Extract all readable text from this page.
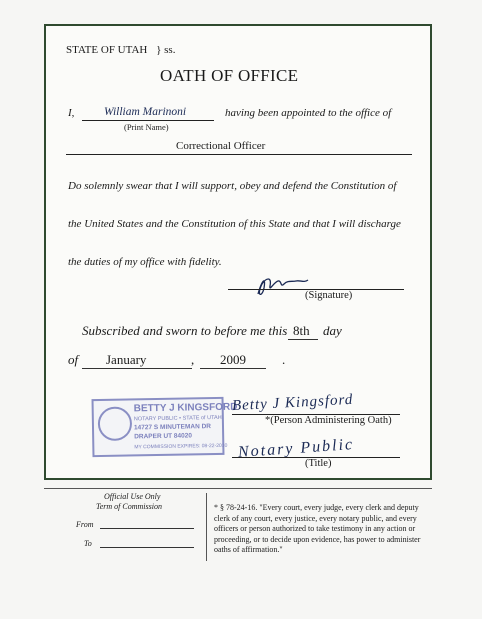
STATE OF UTAH } ss.
OATH OF OFFICE
I,	William Marinoni
(Print Name)
having been appointed to the office of
Correctional Officer
Do solemnly swear that I will support, obey and defend the Constitution of
the United States and the Constitution of this State and that I will discharge
the duties of my office with fidelity.
(Signature)
Subscribed and sworn to before me this 8th day
of January	, 2009	.
BETTY J KINGSFORD
NOTARY PUBLIC • STATE of UTAH
14727 S MINUTEMAN DR
DRAPER UT 84020
MY COMMISSION EXPIRES: 08-22-2010
Betty J Kingsford
*(Person Administering Oath)
Notary Public
(Title)
Official Use Only
Term of Commission
From
To
* § 78-24-16. "Every court, every judge, every clerk and deputy clerk of any court, every justice, every notary public, and every officers or person authorized to take testimony in any action or proceeding, or to decide upon evidence, has power to administer oaths of affirmation."
